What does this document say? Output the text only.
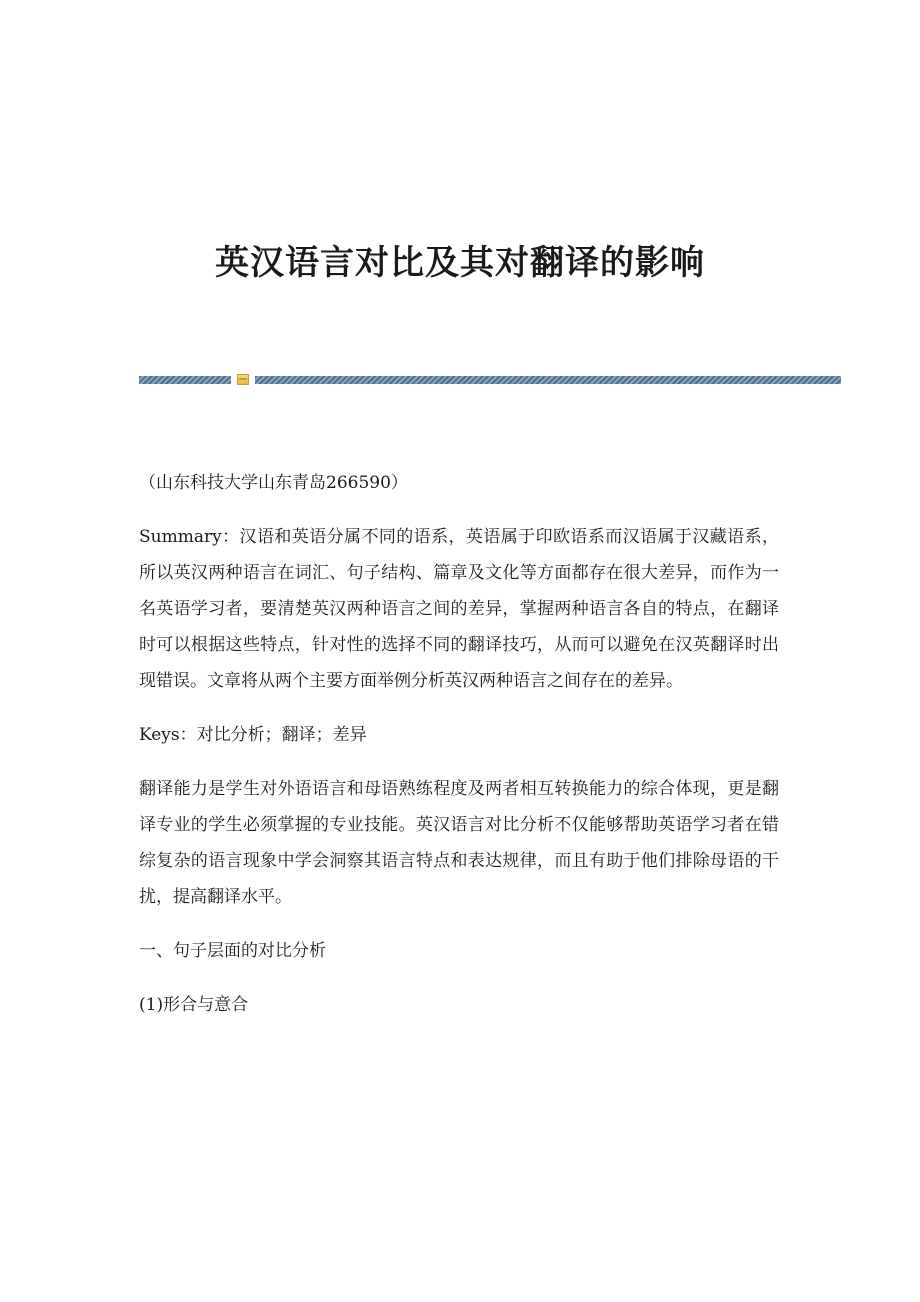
英汉语言对比及其对翻译的影响

（山东科技大学山东青岛266590）

Summary：汉语和英语分属不同的语系，英语属于印欧语系而汉语属于汉藏语系，所以英汉两种语言在词汇、句子结构、篇章及文化等方面都存在很大差异，而作为一名英语学习者，要清楚英汉两种语言之间的差异，掌握两种语言各自的特点，在翻译时可以根据这些特点，针对性的选择不同的翻译技巧，从而可以避免在汉英翻译时出现错误。文章将从两个主要方面举例分析英汉两种语言之间存在的差异。

Keys：对比分析；翻译；差异

翻译能力是学生对外语语言和母语熟练程度及两者相互转换能力的综合体现，更是翻译专业的学生必须掌握的专业技能。英汉语言对比分析不仅能够帮助英语学习者在错综复杂的语言现象中学会洞察其语言特点和表达规律，而且有助于他们排除母语的干扰，提高翻译水平。

一、句子层面的对比分析

(1)形合与意合
